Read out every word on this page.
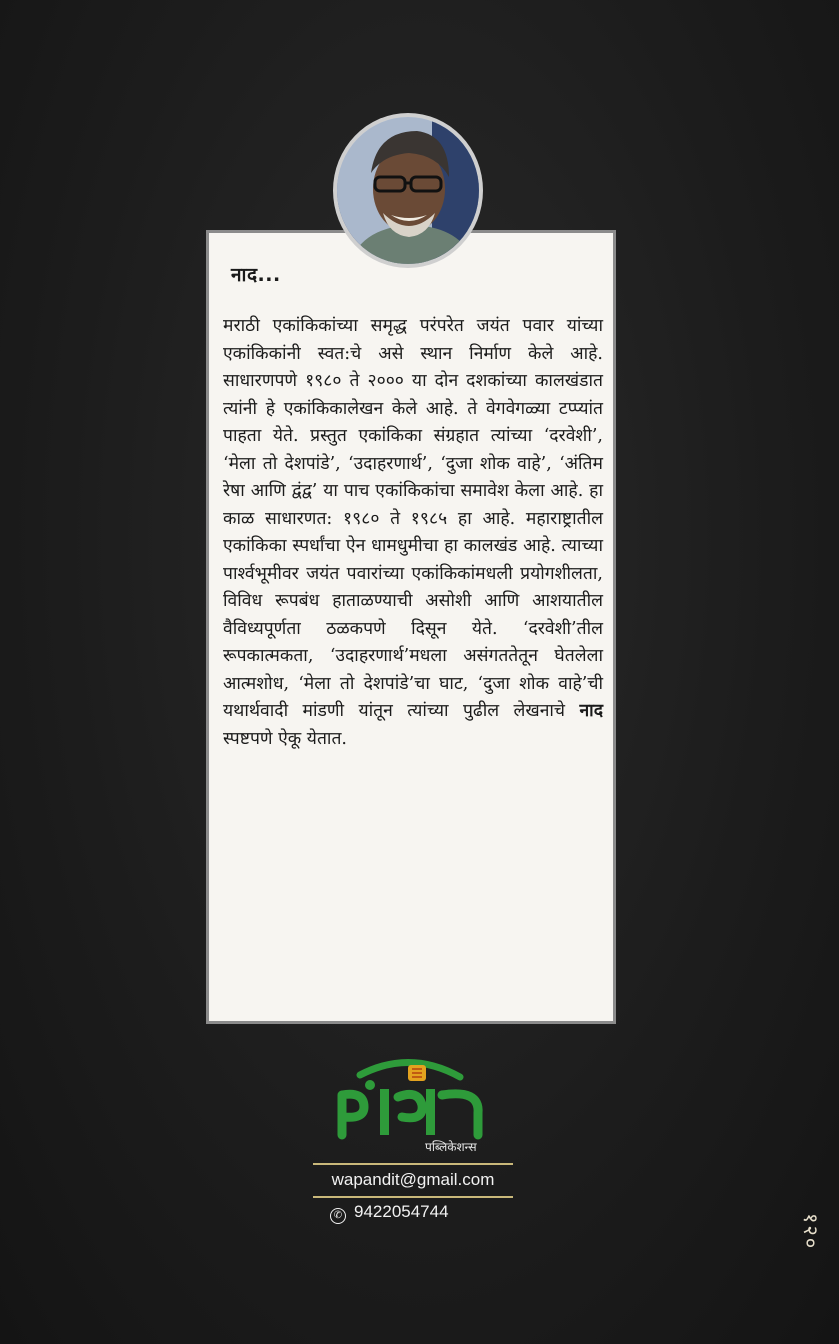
नाद...
मराठी एकांकिकांच्या समृद्ध परंपरेत जयंत पवार यांच्या एकांकिकांनी स्वत:चे असे स्थान निर्माण केले आहे. साधारणपणे १९८० ते २००० या दोन दशकांच्या कालखंडात त्यांनी हे एकांकिकालेखन केले आहे. ते वेगवेगळ्या टप्प्यांत पाहता येते. प्रस्तुत एकांकिका संग्रहात त्यांच्या ‘दरवेशी’, ‘मेला तो देशपांडे’, ‘उदाहरणार्थ’, ‘दुजा शोक वाहे’, ‘अंतिम रेषा आणि द्वंद्व’ या पाच एकांकिकांचा समावेश केला आहे. हा काळ साधारणत: १९८० ते १९८५ हा आहे. महाराष्ट्रातील एकांकिका स्पर्धांचा ऐन धामधुमीचा हा कालखंड आहे. त्याच्या पार्श्वभूमीवर जयंत पवारांच्या एकांकिकांमधली प्रयोगशीलता, विविध रूपबंध हाताळण्याची असोशी आणि आशयातील वैविध्यपूर्णता ठळकपणे दिसून येते. ‘दरवेशी’तील रूपकात्मकता, ‘उदाहरणार्थ’मधला असंगततेतून घेतलेला आत्मशोध, ‘मेला तो देशपांडे’चा घाट, ‘दुजा शोक वाहे’ची यथार्थवादी मांडणी यांतून त्यांच्या पुढील लेखनाचे नाद स्पष्टपणे ऐकू येतात.
पब्लिकेशन्स
wapandit@gmail.com
✆ 9422054744
१२०
